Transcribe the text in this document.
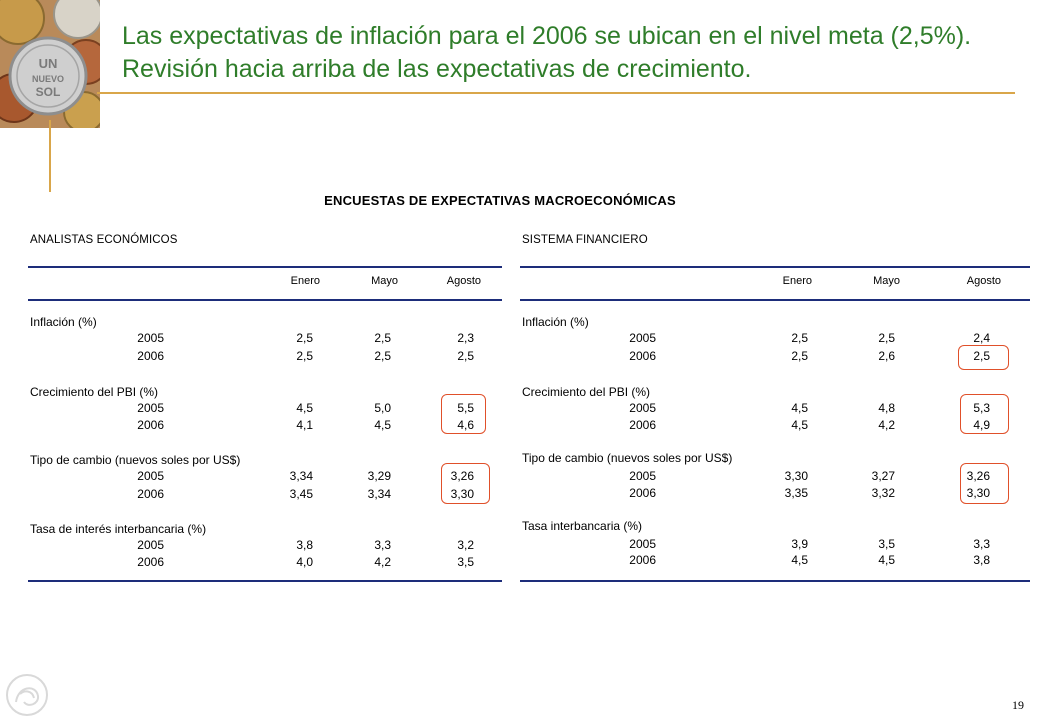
UN
NUEVO
SOL
Las expectativas de inflación para el 2006 se ubican en el nivel meta (2,5%). Revisión hacia arriba de las expectativas de crecimiento.
ENCUESTAS DE EXPECTATIVAS MACROECONÓMICAS
ANALISTAS ECONÓMICOS
Enero	Mayo	Agosto
Inflación (%)
2005	2,5	2,5	2,3
2006	2,5	2,5	2,5
Crecimiento del PBI (%)
2005	4,5	5,0	5,5
2006	4,1	4,5	4,6
Tipo de cambio (nuevos soles por US$)
2005	3,34	3,29	3,26
2006	3,45	3,34	3,30
Tasa de interés interbancaria (%)
2005	3,8	3,3	3,2
2006	4,0	4,2	3,5
SISTEMA FINANCIERO
Enero	Mayo	Agosto
Inflación (%)
2005	2,5	2,5	2,4
2006	2,5	2,6	2,5
Crecimiento del PBI (%)
2005	4,5	4,8	5,3
2006	4,5	4,2	4,9
Tipo de cambio (nuevos soles por US$)
2005	3,30	3,27	3,26
2006	3,35	3,32	3,30
Tasa interbancaria (%)
2005	3,9	3,5	3,3
2006	4,5	4,5	3,8
19
